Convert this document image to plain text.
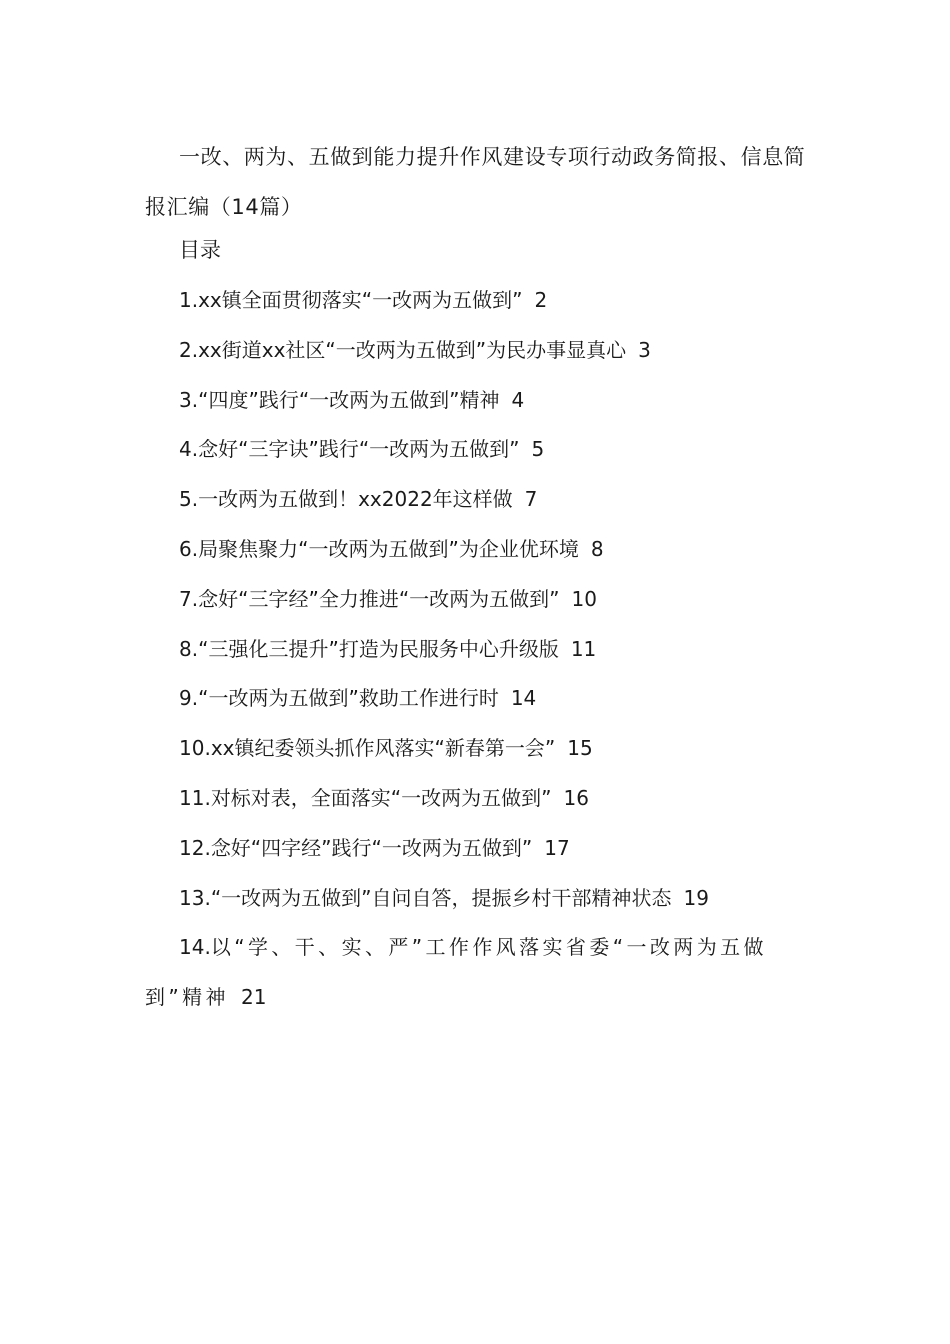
一改、两为、五做到能力提升作风建设专项行动政务简报、信息简报汇编（14篇）
目录
1.xx镇全面贯彻落实“一改两为五做到” 2
2.xx街道xx社区“一改两为五做到”为民办事显真心 3
3.“四度”践行“一改两为五做到”精神 4
4.念好“三字诀”践行“一改两为五做到” 5
5.一改两为五做到！xx2022年这样做 7
6.局聚焦聚力“一改两为五做到”为企业优环境 8
7.念好“三字经”全力推进“一改两为五做到” 10
8.“三强化三提升”打造为民服务中心升级版 11
9.“一改两为五做到”救助工作进行时 14
10.xx镇纪委领头抓作风落实“新春第一会” 15
11.对标对表，全面落实“一改两为五做到” 16
12.念好“四字经”践行“一改两为五做到” 17
13.“一改两为五做到”自问自答，提振乡村干部精神状态 19
14.以“学、干、实、严”工作作风落实省委“一改两为五做到”精神 21
